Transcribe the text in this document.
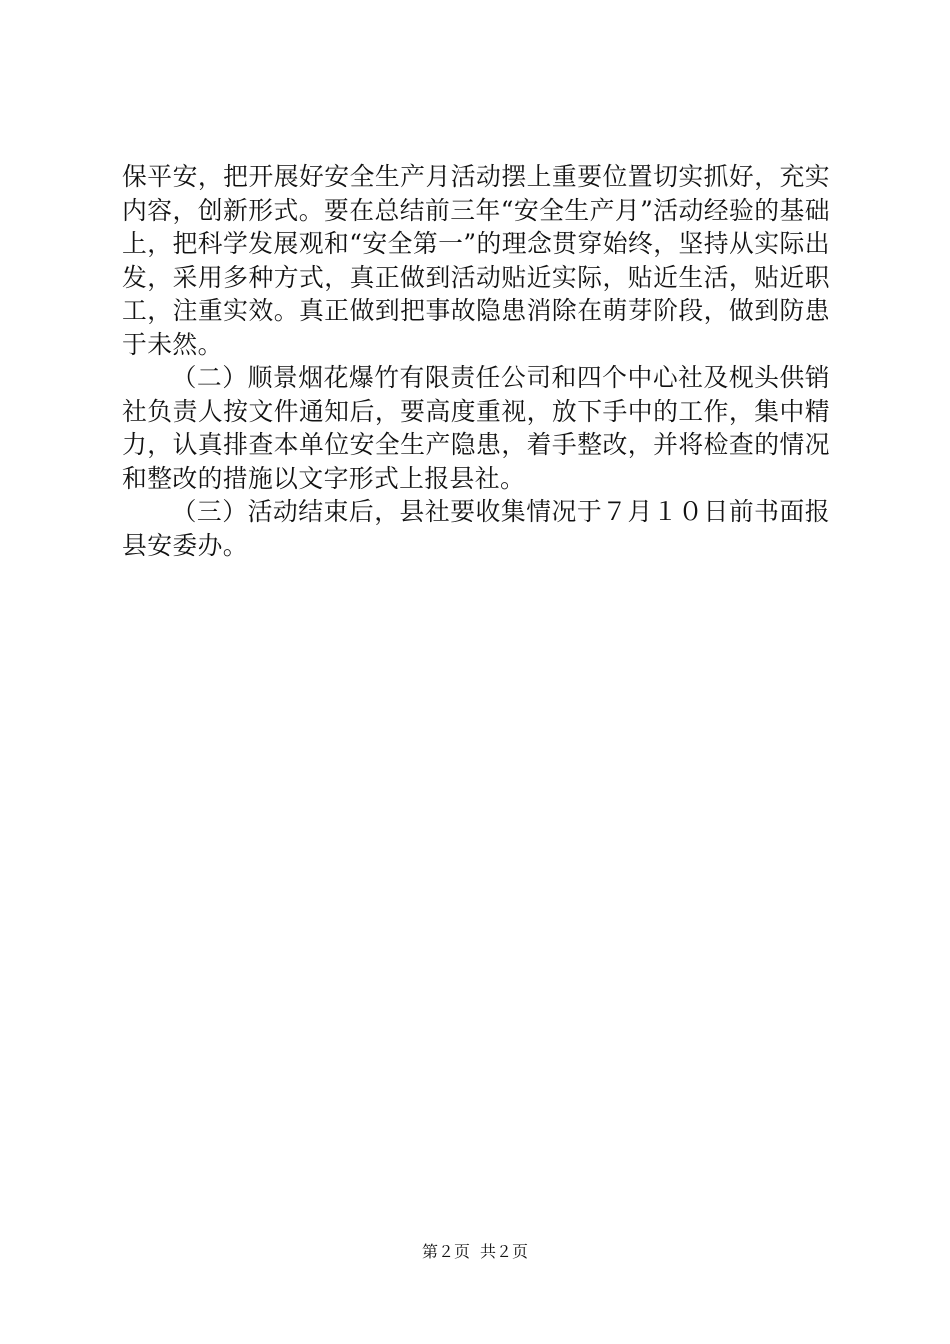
保平安，把开展好安全生产月活动摆上重要位置切实抓好，充实内容，创新形式。要在总结前三年“安全生产月”活动经验的基础上，把科学发展观和“安全第一”的理念贯穿始终，坚持从实际出发，采用多种方式，真正做到活动贴近实际，贴近生活，贴近职工，注重实效。真正做到把事故隐患消除在萌芽阶段，做到防患于未然。

（二）顺景烟花爆竹有限责任公司和四个中心社及枧头供销社负责人按文件通知后，要高度重视，放下手中的工作，集中精力，认真排查本单位安全生产隐患，着手整改，并将检查的情况和整改的措施以文字形式上报县社。

（三）活动结束后，县社要收集情况于７月１０日前书面报县安委办。

第２页 共２页
